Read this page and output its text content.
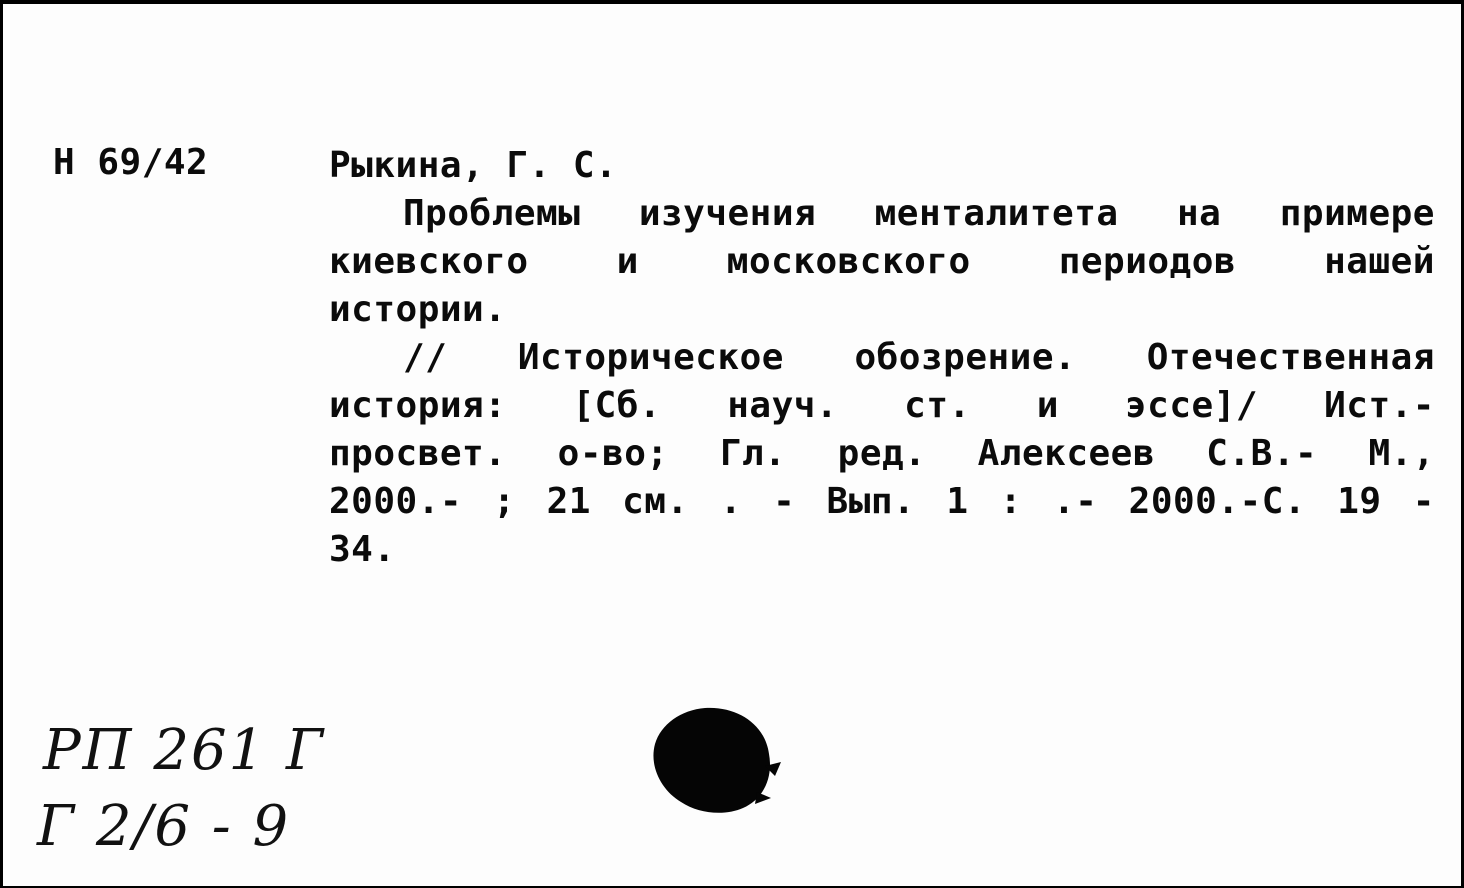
Н 69/42	Рыкина, Г. С.
Проблемы изучения менталитета на примере
киевского и московского периодов нашей
истории.
// Историческое обозрение. Отечественная
история: [Сб. науч. ст. и эссе]/ Ист.-
просвет. о-во; Гл. ред. Алексеев С.В.- М.,
2000.- ; 21 см. . - Вып. 1 : .- 2000.-С. 19 -
34.
РП 261 Г
Г 2/6 - 9
